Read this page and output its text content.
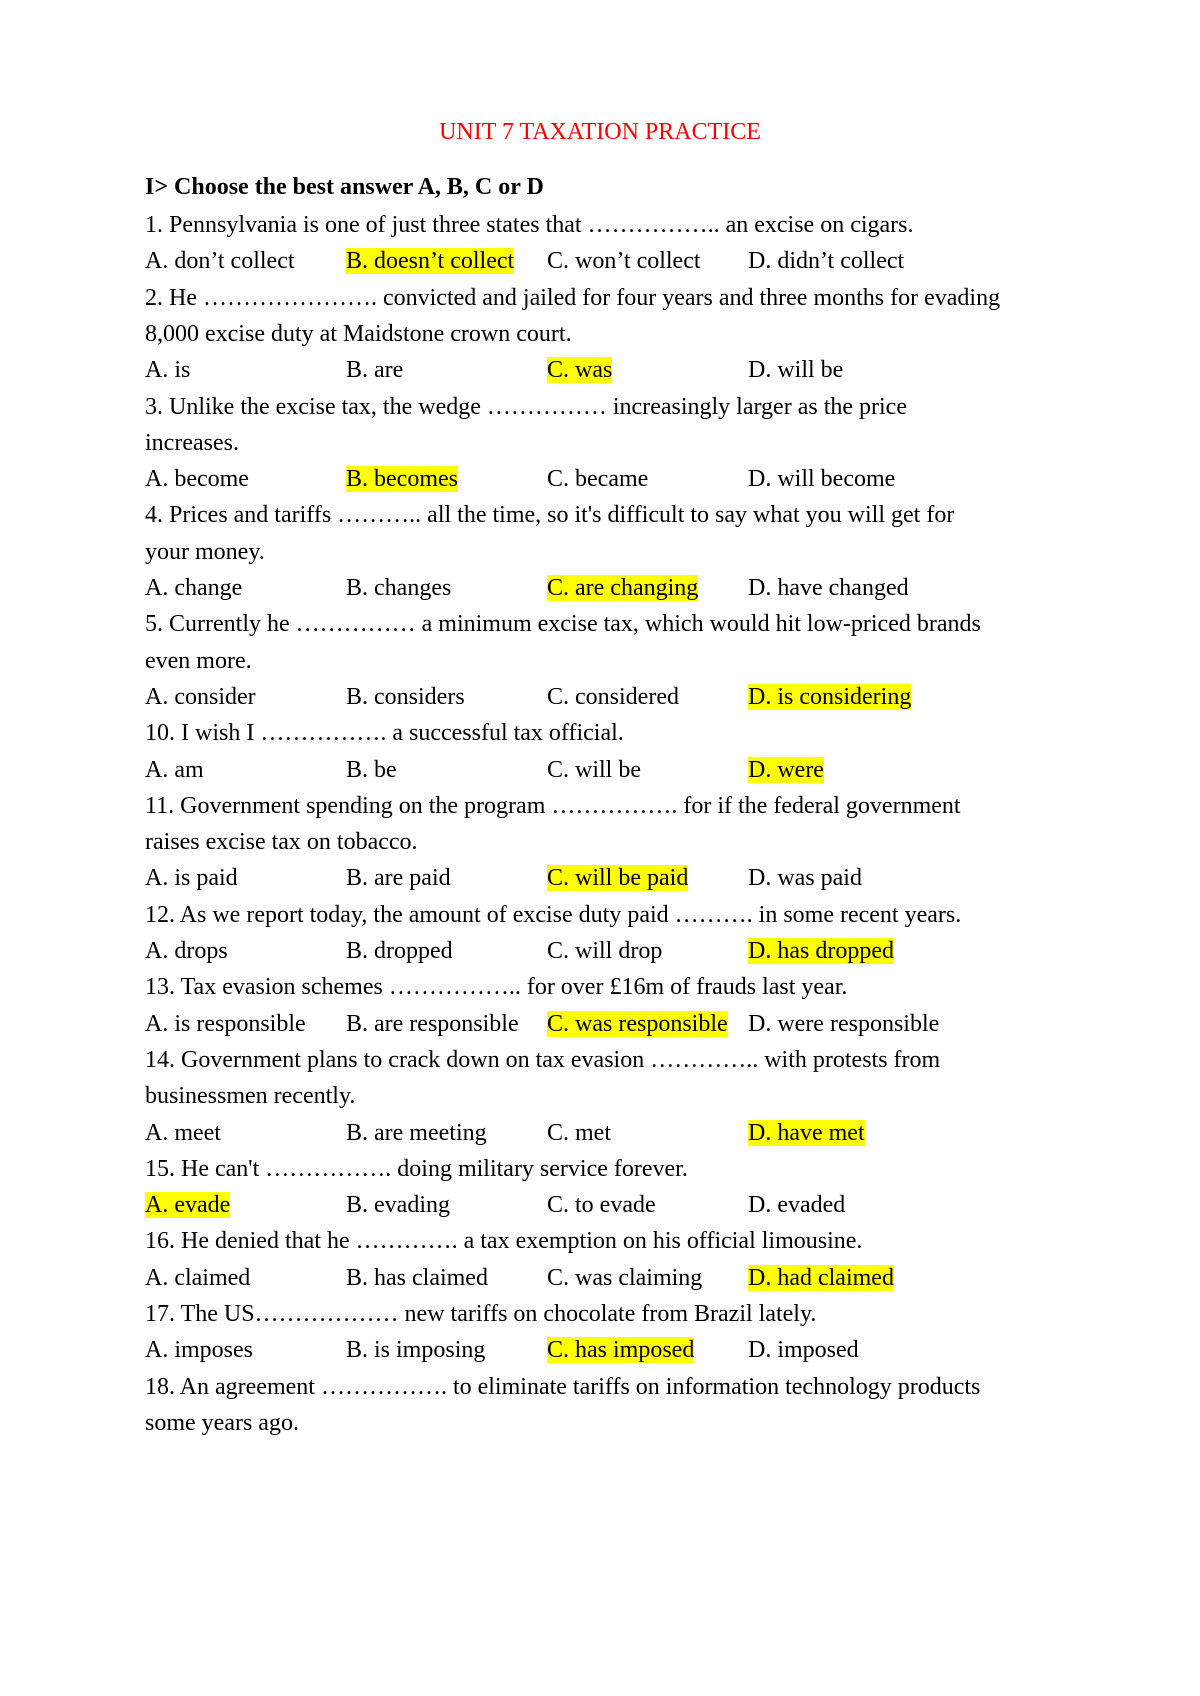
UNIT 7 TAXATION PRACTICE
I> Choose the best answer A, B, C or D
1. Pennsylvania is one of just three states that …………….. an excise on cigars.
A. don’t collect B. doesn’t collect C. won’t collect D. didn’t collect
2. He …………………. convicted and jailed for four years and three months for evading
8,000 excise duty at Maidstone crown court.
A. is	B. are	C. was	D. will be
3. Unlike the excise tax, the wedge …………… increasingly larger as the price
increases.
A. become	B. becomes	C. became	D. will become
4. Prices and tariffs ……….. all the time, so it's difficult to say what you will get for
your money.
A. change	B. changes	C. are changing D. have changed
5. Currently he …………… a minimum excise tax, which would hit low-priced brands
even more.
A. consider	B. considers	C. considered	D. is considering
10. I wish I ……………. a successful tax official.
A. am	B. be	C. will be	D. were
11. Government spending on the program ……………. for if the federal government
raises excise tax on tobacco.
A. is paid	B. are paid	C. will be paid D. was paid
12. As we report today, the amount of excise duty paid ………. in some recent years.
A. drops	B. dropped	C. will drop	D. has dropped
13. Tax evasion schemes …………….. for over £16m of frauds last year.
A. is responsible B. are responsible C. was responsible D. were responsible
14. Government plans to crack down on tax evasion ………….. with protests from
businessmen recently.
A. meet	B. are meeting	C. met	D. have met
15. He can't ……………. doing military service forever.
A. evade	B. evading	C. to evade	D. evaded
16. He denied that he …………. a tax exemption on his official limousine.
A. claimed	B. has claimed C. was claiming D. had claimed
17. The US……………… new tariffs on chocolate from Brazil lately.
A. imposes	B. is imposing	C. has imposed D. imposed
18. An agreement ……………. to eliminate tariffs on information technology products
some years ago.
